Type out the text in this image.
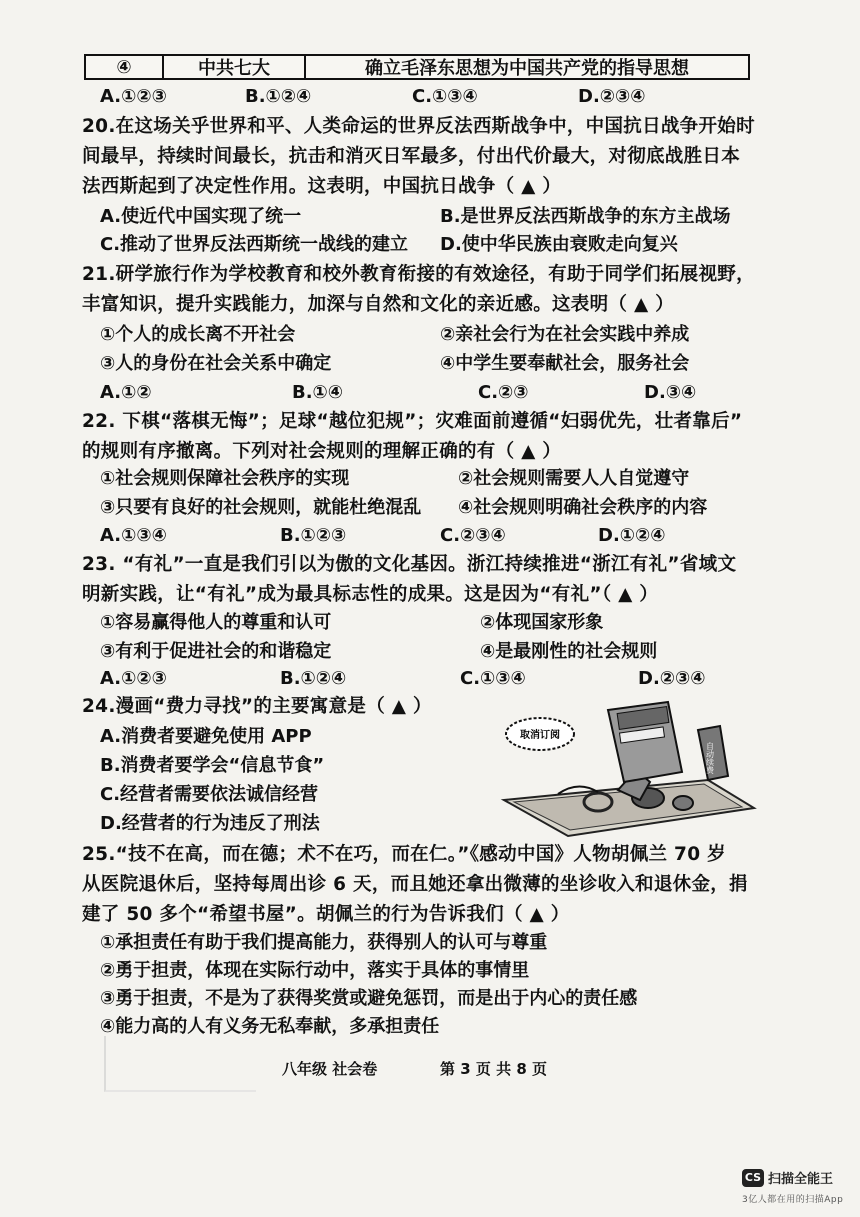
④	中共七大	确立毛泽东思想为中国共产党的指导思想
A.①②③	B.①②④	C.①③④	D.②③④
20.在这场关乎世界和平、人类命运的世界反法西斯战争中，中国抗日战争开始时
间最早，持续时间最长，抗击和消灭日军最多，付出代价最大，对彻底战胜日本
法西斯起到了决定性作用。这表明，中国抗日战争（ ▲ ）
A.使近代中国实现了统一	B.是世界反法西斯战争的东方主战场
C.推动了世界反法西斯统一战线的建立 D.使中华民族由衰败走向复兴
21.研学旅行作为学校教育和校外教育衔接的有效途径，有助于同学们拓展视野，
丰富知识，提升实践能力，加深与自然和文化的亲近感。这表明（ ▲ ）
①个人的成长离不开社会	②亲社会行为在社会实践中养成
③人的身份在社会关系中确定	④中学生要奉献社会，服务社会
A.①②	B.①④	C.②③	D.③④
22. 下棋“落棋无悔”；足球“越位犯规”；灾难面前遵循“妇弱优先，壮者靠后”
的规则有序撤离。下列对社会规则的理解正确的有（ ▲ ）
①社会规则保障社会秩序的实现	②社会规则需要人人自觉遵守
③只要有良好的社会规则，就能杜绝混乱 ④社会规则明确社会秩序的内容
A.①③④	B.①②③	C.②③④	D.①②④
23. “有礼”一直是我们引以为傲的文化基因。浙江持续推进“浙江有礼”省域文
明新实践，让“有礼”成为最具标志性的成果。这是因为“有礼”（ ▲ ）
①容易赢得他人的尊重和认可	②体现国家形象
③有利于促进社会的和谐稳定	④是最刚性的社会规则
A.①②③	B.①②④	C.①③④	D.②③④
24.漫画“费力寻找”的主要寓意是（ ▲ ）
A.消费者要避免使用 APP
B.消费者要学会“信息节食”
C.经营者需要依法诚信经营
D.经营者的行为违反了刑法
自动续费
取消订阅
25.“技不在高，而在德；术不在巧，而在仁。”《感动中国》人物胡佩兰 70 岁
从医院退休后，坚持每周出诊 6 天，而且她还拿出微薄的坐诊收入和退休金，捐
建了 50 多个“希望书屋”。胡佩兰的行为告诉我们（ ▲ ）
①承担责任有助于我们提高能力，获得别人的认可与尊重
②勇于担责，体现在实际行动中，落实于具体的事情里
③勇于担责，不是为了获得奖赏或避免惩罚，而是出于内心的责任感
④能力高的人有义务无私奉献，多承担责任
八年级 社会卷	第 3 页 共 8 页
CS 扫描全能王
3亿人都在用的扫描App
